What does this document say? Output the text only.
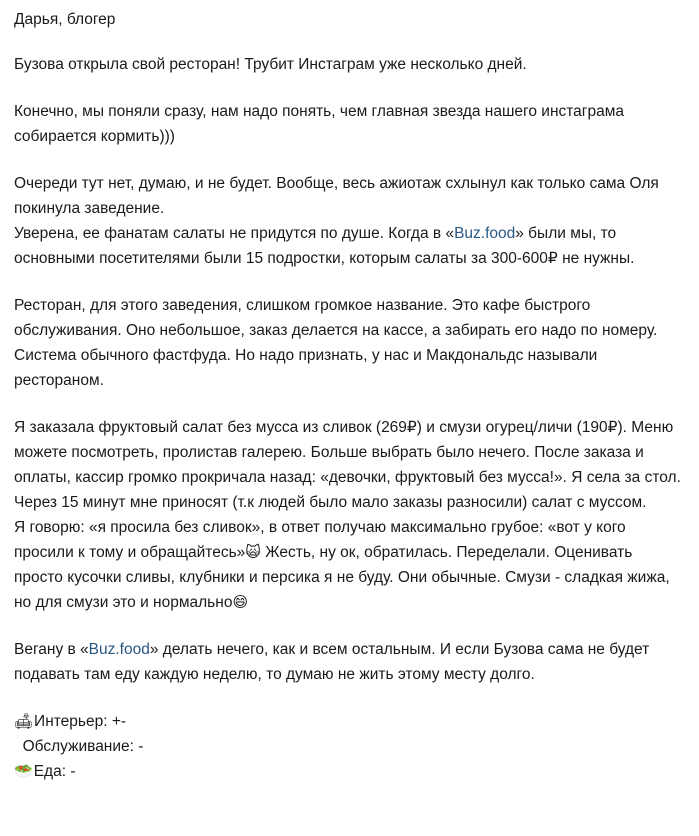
Дарья, блогер

Бузова открыла свой ресторан! Трубит Инстаграм уже несколько дней.

Конечно, мы поняли сразу, нам надо понять, чем главная звезда нашего инстаграма собирается кормить)))

Очереди тут нет, думаю, и не будет. Вообще, весь ажиотаж схлынул как только сама Оля покинула заведение.

Уверена, ее фанатам салаты не придутся по душе. Когда в «Buz.food» были мы, то основными посетителями были 15 подростки, которым салаты за 300-600₽ не нужны.

Ресторан, для этого заведения, слишком громкое название. Это кафе быстрого обслуживания. Оно небольшое, заказ делается на кассе, а забирать его надо по номеру. Система обычного фастфуда. Но надо признать, у нас и Макдональдс называли рестораном.

Я заказала фруктовый салат без мусса из сливок (269₽) и смузи огурец/личи (190₽). Меню можете посмотреть, пролистав галерею. Больше выбрать было нечего. После заказа и оплаты, кассир громко прокричала назад: «девочки, фруктовый без мусса!». Я села за стол. Через 15 минут мне приносят (т.к людей было мало заказы разносили) салат с муссом.

Я говорю: «я просила без сливок», в ответ получаю максимально грубое: «вот у кого просили к тому и обращайтесь»🙀 Жесть, ну ок, обратилась. Переделали. Оценивать просто кусочки сливы, клубники и персика я не буду. Они обычные. Смузи - сладкая жижа, но для смузи это и нормально😄

Вегану в «Buz.food» делать нечего, как и всем остальным. И если Бузова сама не будет подавать там еду каждую неделю, то думаю не жить этому месту долго.

🛋Интерьер: +-
Обслуживание: -
🥗Еда: -
